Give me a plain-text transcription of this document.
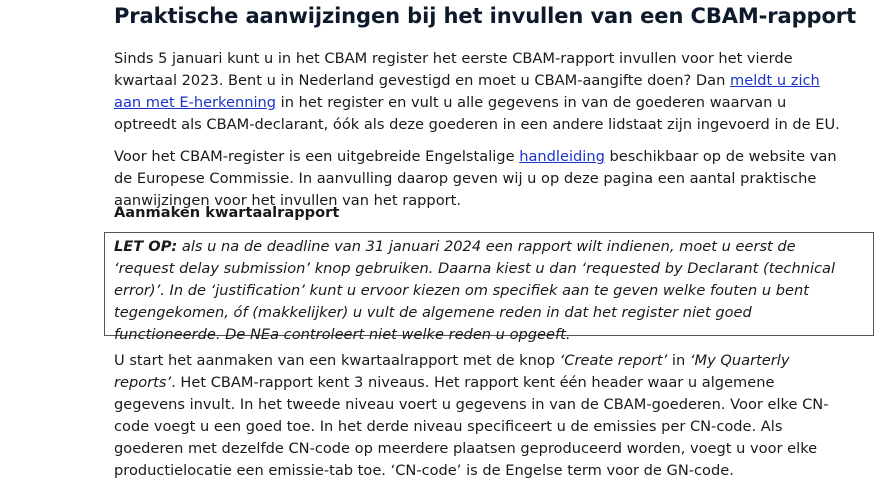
Praktische aanwijzingen bij het invullen van een CBAM-rapport
Sinds 5 januari kunt u in het CBAM register het eerste CBAM-rapport invullen voor het vierde
kwartaal 2023. Bent u in Nederland gevestigd en moet u CBAM-aangifte doen? Dan meldt u zich
aan met E-herkenning in het register en vult u alle gegevens in van de goederen waarvan u
optreedt als CBAM-declarant, óók als deze goederen in een andere lidstaat zijn ingevoerd in de EU.
Voor het CBAM-register is een uitgebreide Engelstalige handleiding beschikbaar op de website van
de Europese Commissie. In aanvulling daarop geven wij u op deze pagina een aantal praktische
aanwijzingen voor het invullen van het rapport.
Aanmaken kwartaalrapport
LET OP: als u na de deadline van 31 januari 2024 een rapport wilt indienen, moet u eerst de
‘request delay submission’ knop gebruiken. Daarna kiest u dan ‘requested by Declarant (technical
error)’. In de ‘justification’ kunt u ervoor kiezen om specifiek aan te geven welke fouten u bent
tegengekomen, óf (makkelijker) u vult de algemene reden in dat het register niet goed
functioneerde. De NEa controleert niet welke reden u opgeeft.
U start het aanmaken van een kwartaalrapport met de knop ‘Create report’ in ‘My Quarterly
reports’. Het CBAM-rapport kent 3 niveaus. Het rapport kent één header waar u algemene
gegevens invult. In het tweede niveau voert u gegevens in van de CBAM-goederen. Voor elke CN-
code voegt u een goed toe. In het derde niveau specificeert u de emissies per CN-code. Als
goederen met dezelfde CN-code op meerdere plaatsen geproduceerd worden, voegt u voor elke
productielocatie een emissie-tab toe. ‘CN-code’ is de Engelse term voor de GN-code.
